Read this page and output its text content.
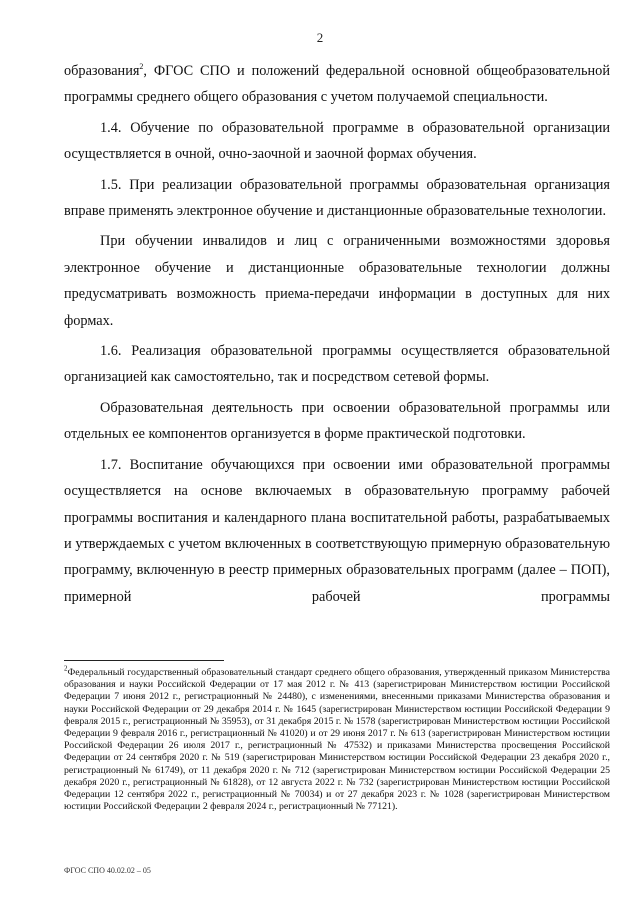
2

образования$^2$, ФГОС СПО и положений федеральной основной общеобразовательной программы среднего общего образования с учетом получаемой специальности.

1.4. Обучение по образовательной программе в образовательной организации осуществляется в очной, очно-заочной и заочной формах обучения.

1.5. При реализации образовательной программы образовательная организация вправе применять электронное обучение и дистанционные образовательные технологии.

При обучении инвалидов и лиц с ограниченными возможностями здоровья электронное обучение и дистанционные образовательные технологии должны предусматривать возможность приема-передачи информации в доступных для них формах.

1.6. Реализация образовательной программы осуществляется образовательной организацией как самостоятельно, так и посредством сетевой формы.

Образовательная деятельность при освоении образовательной программы или отдельных ее компонентов организуется в форме практической подготовки.

1.7. Воспитание обучающихся при освоении ими образовательной программы осуществляется на основе включаемых в образовательную программу рабочей программы воспитания и календарного плана воспитательной работы, разрабатываемых и утверждаемых с учетом включенных в соответствующую примерную образовательную программу, включенную в реестр примерных образовательных программ (далее – ПОП), примерной рабочей программы

$^2$Федеральный государственный образовательный стандарт среднего общего образования, утвержденный приказом Министерства образования и науки Российской Федерации от 17 мая 2012 г. № 413 (зарегистрирован Министерством юстиции Российской Федерации 7 июня 2012 г., регистрационный № 24480), с изменениями, внесенными приказами Министерства образования и науки Российской Федерации от 29 декабря 2014 г. № 1645 (зарегистрирован Министерством юстиции Российской Федерации 9 февраля 2015 г., регистрационный № 35953), от 31 декабря 2015 г. № 1578 (зарегистрирован Министерством юстиции Российской Федерации 9 февраля 2016 г., регистрационный № 41020) и от 29 июня 2017 г. № 613 (зарегистрирован Министерством юстиции Российской Федерации 26 июля 2017 г., регистрационный № 47532) и приказами Министерства просвещения Российской Федерации от 24 сентября 2020 г. № 519 (зарегистрирован Министерством юстиции Российской Федерации 23 декабря 2020 г., регистрационный № 61749), от 11 декабря 2020 г. № 712 (зарегистрирован Министерством юстиции Российской Федерации 25 декабря 2020 г., регистрационный № 61828), от 12 августа 2022 г. № 732 (зарегистрирован Министерством юстиции Российской Федерации 12 сентября 2022 г., регистрационный № 70034) и от 27 декабря 2023 г. № 1028 (зарегистрирован Министерством юстиции Российской Федерации 2 февраля 2024 г., регистрационный № 77121).
ФГОС СПО 40.02.02 – 05
